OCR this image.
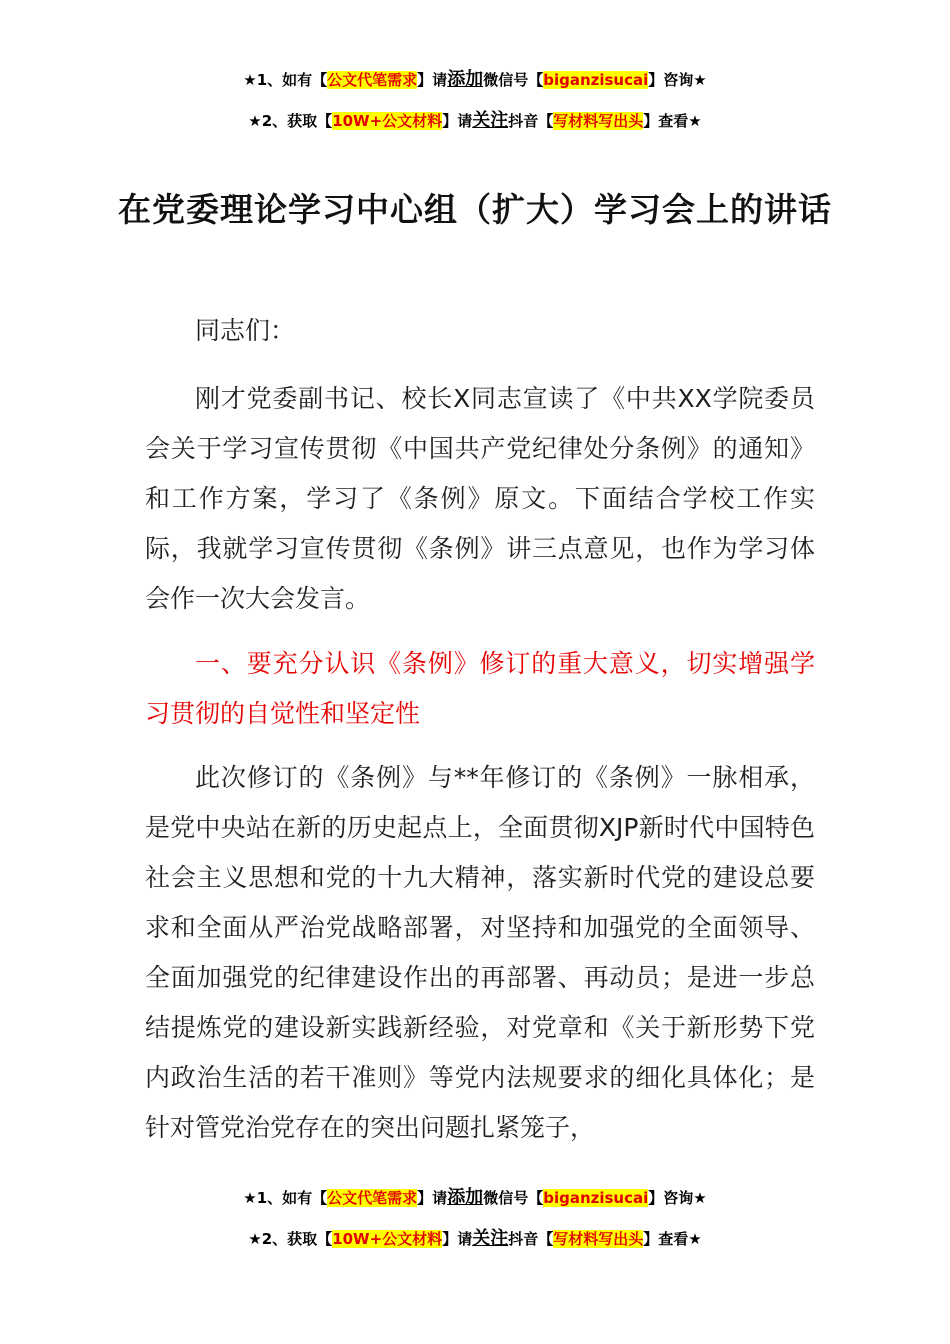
★1、如有【公文代笔需求】请添加微信号【biganzisucai】咨询★
★2、获取【10W+公文材料】请关注抖音【写材料写出头】查看★
在党委理论学习中心组（扩大）学习会上的讲话

同志们：

刚才党委副书记、校长X同志宣读了《中共XX学院委员会关于学习宣传贯彻《中国共产党纪律处分条例》的通知》和工作方案，学习了《条例》原文。下面结合学校工作实际，我就学习宣传贯彻《条例》讲三点意见，也作为学习体会作一次大会发言。

一、要充分认识《条例》修订的重大意义，切实增强学习贯彻的自觉性和坚定性

此次修订的《条例》与**年修订的《条例》一脉相承，是党中央站在新的历史起点上，全面贯彻XJP新时代中国特色社会主义思想和党的十九大精神，落实新时代党的建设总要求和全面从严治党战略部署，对坚持和加强党的全面领导、全面加强党的纪律建设作出的再部署、再动员；是进一步总结提炼党的建设新实践新经验，对党章和《关于新形势下党内政治生活的若干准则》等党内法规要求的细化具体化；是针对管党治党存在的突出问题扎紧笼子，

★1、如有【公文代笔需求】请添加微信号【biganzisucai】咨询★
★2、获取【10W+公文材料】请关注抖音【写材料写出头】查看★
